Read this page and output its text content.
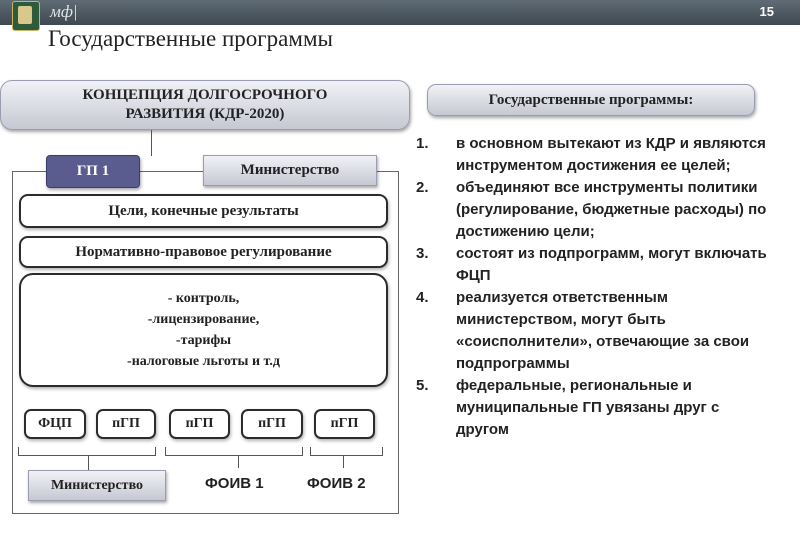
мф|	15
Государственные программы
КОНЦЕПЦИЯ ДОЛГОСРОЧНОГО
РАЗВИТИЯ (КДР-2020)
Государственные программы:
ГП 1	Министерство
Цели, конечные результаты
Нормативно-правовое регулирование
- контроль,
-лицензирование,
-тарифы
-налоговые льготы и т.д
ФЦП	пГП	пГП	пГП	пГП
Министерство	ФОИВ 1	ФОИВ 2
1. в основном вытекают из КДР и являются инструментом достижения ее целей;
2. объединяют все инструменты политики (регулирование, бюджетные расходы) по достижению цели;
3. состоят из подпрограмм, могут включать ФЦП
4. реализуется ответственным министерством, могут быть «соисполнители», отвечающие за свои подпрограммы
5. федеральные, региональные и муниципальные ГП увязаны друг с другом
